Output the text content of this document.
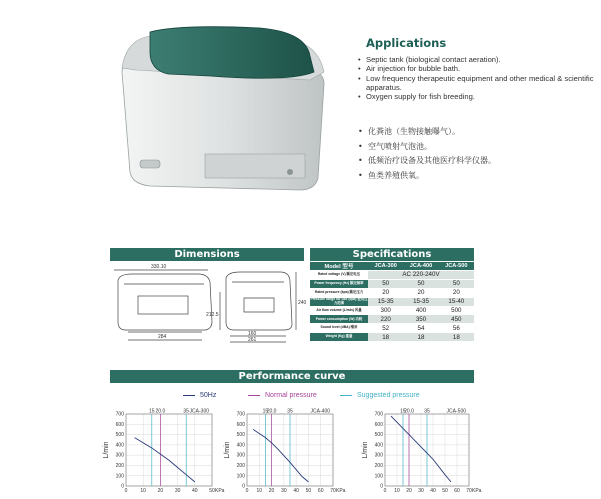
Applications
• Septic tank (biological contact aeration).
• Air injection for bubble bath.
• Low frequency therapeutic equipment and other medical & scientific apparatus.
• Oxygen supply for fish breeding.
• 化粪池（生物接触曝气）。
• 空气喷射气泡池。
• 低频治疗设备及其他医疗科学仪器。
• 鱼类养殖供氧。
Dimensions
330.10
284
240
212.5
160
261
Specifications
Model 型号	JCA-300	JCA-400	JCA-500
Rated voltage (V) 额定电压	AC 220-240V		
Power frequency (Hz) 额定频率	50	50	50
Rated pressure (kpa) 额定压力	20	20	20
Pressure range for use (kpa) 使用压力范围	15-35	15-35	15-40
Air flow volume (L/min) 风量	300	400	500
Power consumption (W) 功耗	220	350	450
Sound level (dBA) 噪音	52	54	56
Weight (Kg) 重量	18	18	18
Performance curve
50Hz	Normal pressure	Suggested pressure
0	10 20 30 40 50
0
100
200
300
400
500
600
700
15 20.0	35 JCA-300
L/min
KPa	0 10 20 30 40 50 60 70
0
100
200
300
400
500
600
700
15
20.0 35	JCA-400
L/min
KPa	0 10 20 30 40 50 60 70
0
100
200
300
400
500
600
700
15
20.0 35	JCA-500
L/min
KPa
